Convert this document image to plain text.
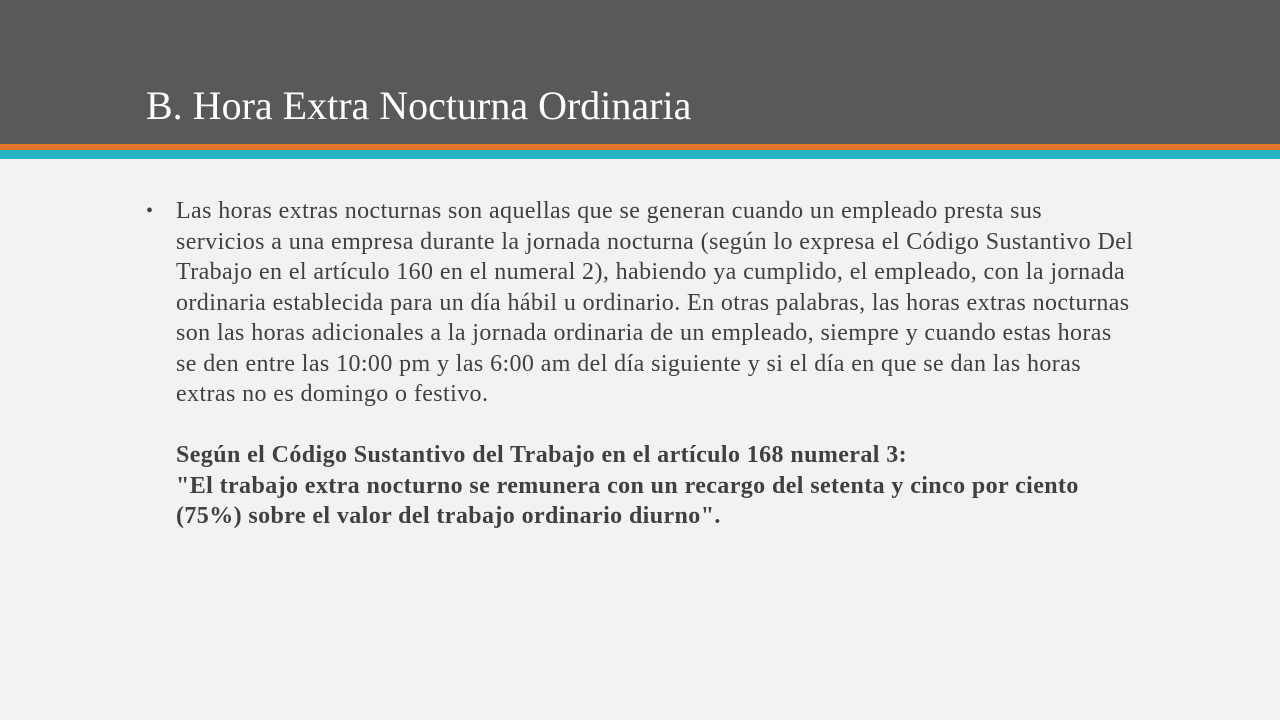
B. Hora Extra Nocturna Ordinaria
• Las horas extras nocturnas son aquellas que se generan cuando un empleado presta sus servicios a una empresa durante la jornada nocturna (según lo expresa el Código Sustantivo Del Trabajo en el artículo 160 en el numeral 2), habiendo ya cumplido, el empleado, con la jornada ordinaria establecida para un día hábil u ordinario. En otras palabras, las horas extras nocturnas son las horas adicionales a la jornada ordinaria de un empleado, siempre y cuando estas horas se den entre las 10:00 pm y las 6:00 am del día siguiente y si el día en que se dan las horas extras no es domingo o festivo.
Según el Código Sustantivo del Trabajo en el artículo 168 numeral 3:
"El trabajo extra nocturno se remunera con un recargo del setenta y cinco por ciento (75%) sobre el valor del trabajo ordinario diurno".
